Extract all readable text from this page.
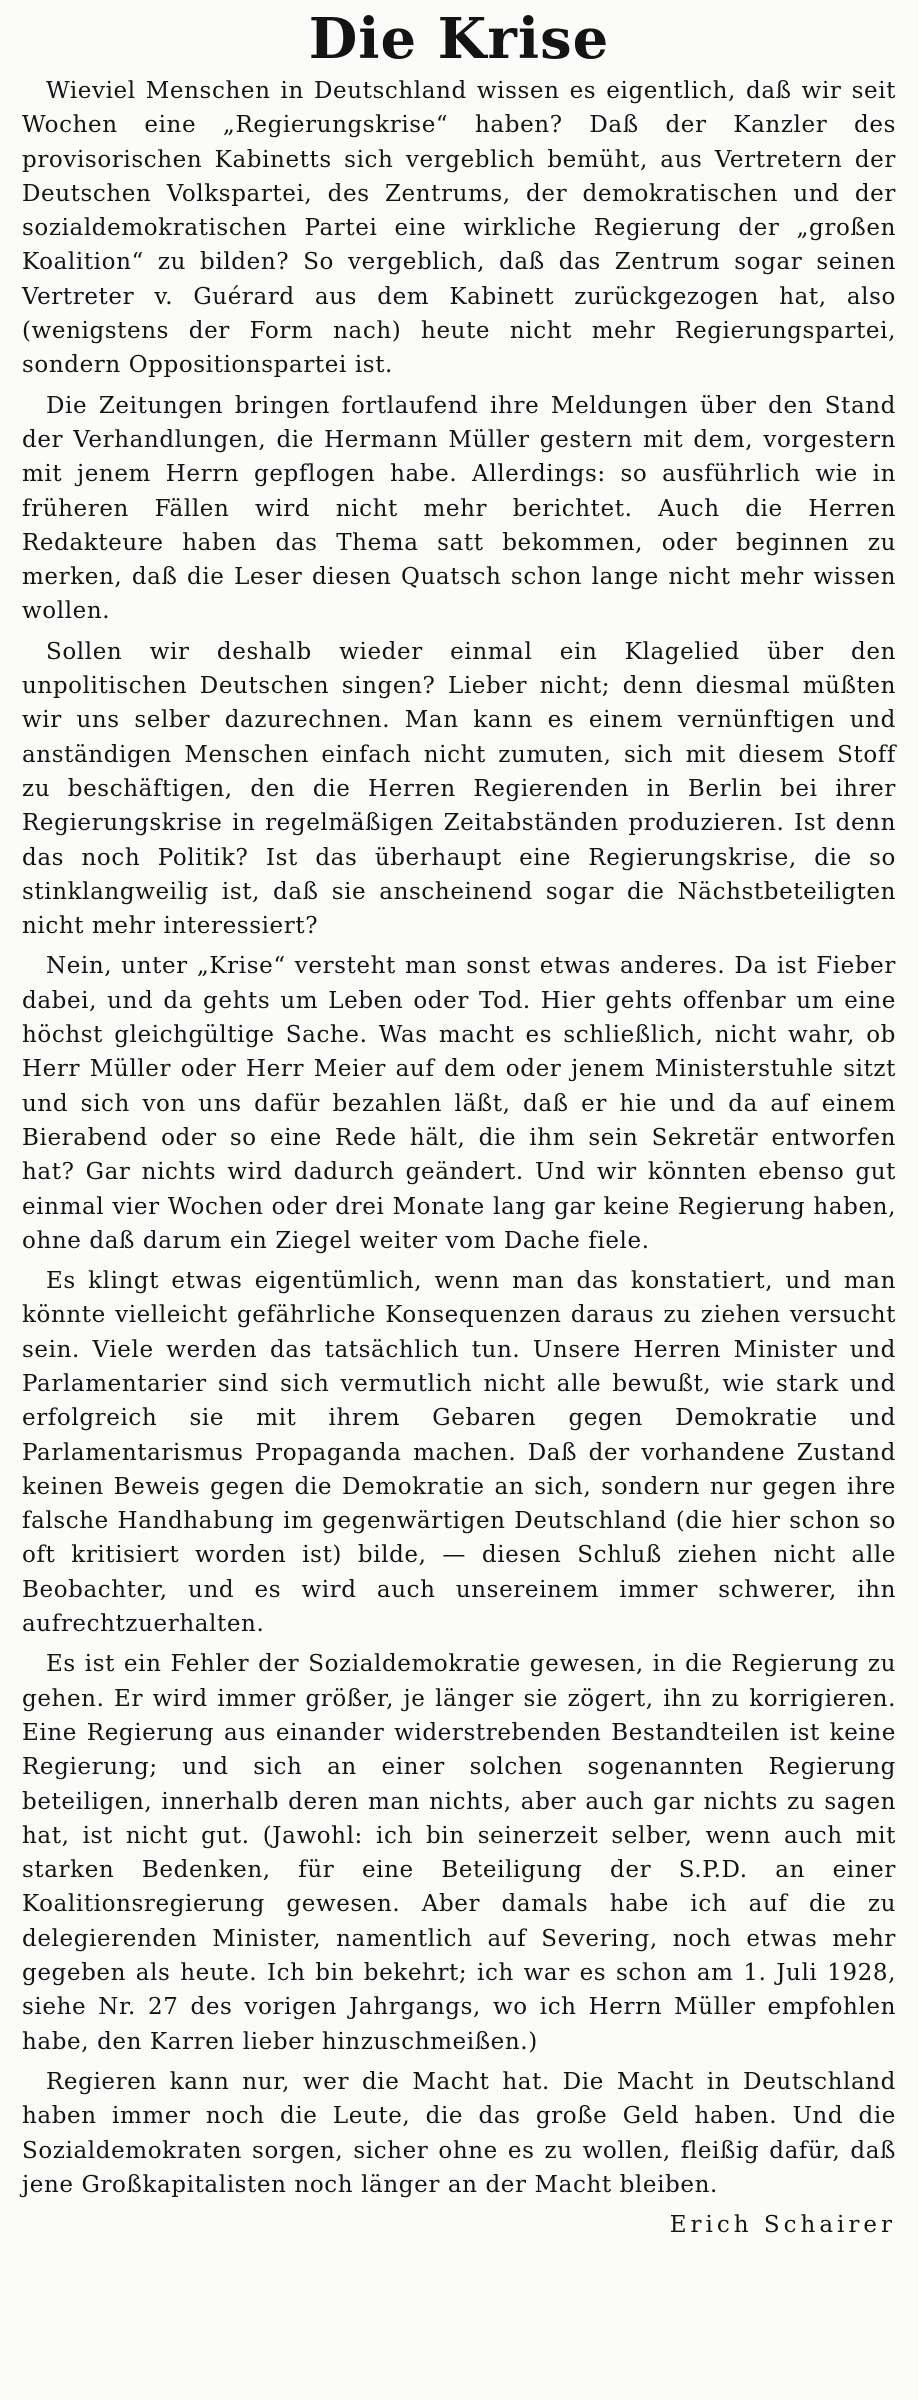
Die Krise

Wieviel Menschen in Deutschland wissen es eigentlich, daß wir seit Wochen eine „Regierungskrise“ haben? Daß der Kanzler des provisorischen Kabinetts sich vergeblich bemüht, aus Vertretern der Deutschen Volkspartei, des Zentrums, der demokratischen und der sozialdemokratischen Partei eine wirkliche Regierung der „großen Koalition“ zu bilden? So vergeblich, daß das Zentrum sogar seinen Vertreter v. Guérard aus dem Kabinett zurückgezogen hat, also (wenigstens der Form nach) heute nicht mehr Regierungspartei, sondern Oppositionspartei ist.

Die Zeitungen bringen fortlaufend ihre Meldungen über den Stand der Verhandlungen, die Hermann Müller gestern mit dem, vorgestern mit jenem Herrn gepflogen habe. Allerdings: so ausführlich wie in früheren Fällen wird nicht mehr berichtet. Auch die Herren Redakteure haben das Thema satt bekommen, oder beginnen zu merken, daß die Leser diesen Quatsch schon lange nicht mehr wissen wollen.

Sollen wir deshalb wieder einmal ein Klagelied über den unpolitischen Deutschen singen? Lieber nicht; denn diesmal müßten wir uns selber dazurechnen. Man kann es einem vernünftigen und anständigen Menschen einfach nicht zumuten, sich mit diesem Stoff zu beschäftigen, den die Herren Regierenden in Berlin bei ihrer Regierungskrise in regelmäßigen Zeitabständen produzieren. Ist denn das noch Politik? Ist das überhaupt eine Regierungskrise, die so stinklangweilig ist, daß sie anscheinend sogar die Nächstbeteiligten nicht mehr interessiert?

Nein, unter „Krise“ versteht man sonst etwas anderes. Da ist Fieber dabei, und da gehts um Leben oder Tod. Hier gehts offenbar um eine höchst gleichgültige Sache. Was macht es schließlich, nicht wahr, ob Herr Müller oder Herr Meier auf dem oder jenem Ministerstuhle sitzt und sich von uns dafür bezahlen läßt, daß er hie und da auf einem Bierabend oder so eine Rede hält, die ihm sein Sekretär entworfen hat? Gar nichts wird dadurch geändert. Und wir könnten ebenso gut einmal vier Wochen oder drei Monate lang gar keine Regierung haben, ohne daß darum ein Ziegel weiter vom Dache fiele.

Es klingt etwas eigentümlich, wenn man das konstatiert, und man könnte vielleicht gefährliche Konsequenzen daraus zu ziehen versucht sein. Viele werden das tatsächlich tun. Unsere Herren Minister und Parlamentarier sind sich vermutlich nicht alle bewußt, wie stark und erfolgreich sie mit ihrem Gebaren gegen Demokratie und Parlamentarismus Propaganda machen. Daß der vorhandene Zustand keinen Beweis gegen die Demokratie an sich, sondern nur gegen ihre falsche Handhabung im gegenwärtigen Deutschland (die hier schon so oft kritisiert worden ist) bilde, — diesen Schluß ziehen nicht alle Beobachter, und es wird auch unsereinem immer schwerer, ihn aufrechtzuerhalten.

Es ist ein Fehler der Sozialdemokratie gewesen, in die Regierung zu gehen. Er wird immer größer, je länger sie zögert, ihn zu korrigieren. Eine Regierung aus einander widerstrebenden Bestandteilen ist keine Regierung; und sich an einer solchen sogenannten Regierung beteiligen, innerhalb deren man nichts, aber auch gar nichts zu sagen hat, ist nicht gut. (Jawohl: ich bin seinerzeit selber, wenn auch mit starken Bedenken, für eine Beteiligung der S.P.D. an einer Koalitionsregierung gewesen. Aber damals habe ich auf die zu delegierenden Minister, namentlich auf Severing, noch etwas mehr gegeben als heute. Ich bin bekehrt; ich war es schon am 1. Juli 1928, siehe Nr. 27 des vorigen Jahrgangs, wo ich Herrn Müller empfohlen habe, den Karren lieber hinzuschmeißen.)

Regieren kann nur, wer die Macht hat. Die Macht in Deutschland haben immer noch die Leute, die das große Geld haben. Und die Sozialdemokraten sorgen, sicher ohne es zu wollen, fleißig dafür, daß jene Großkapitalisten noch länger an der Macht bleiben.

Erich Schairer
